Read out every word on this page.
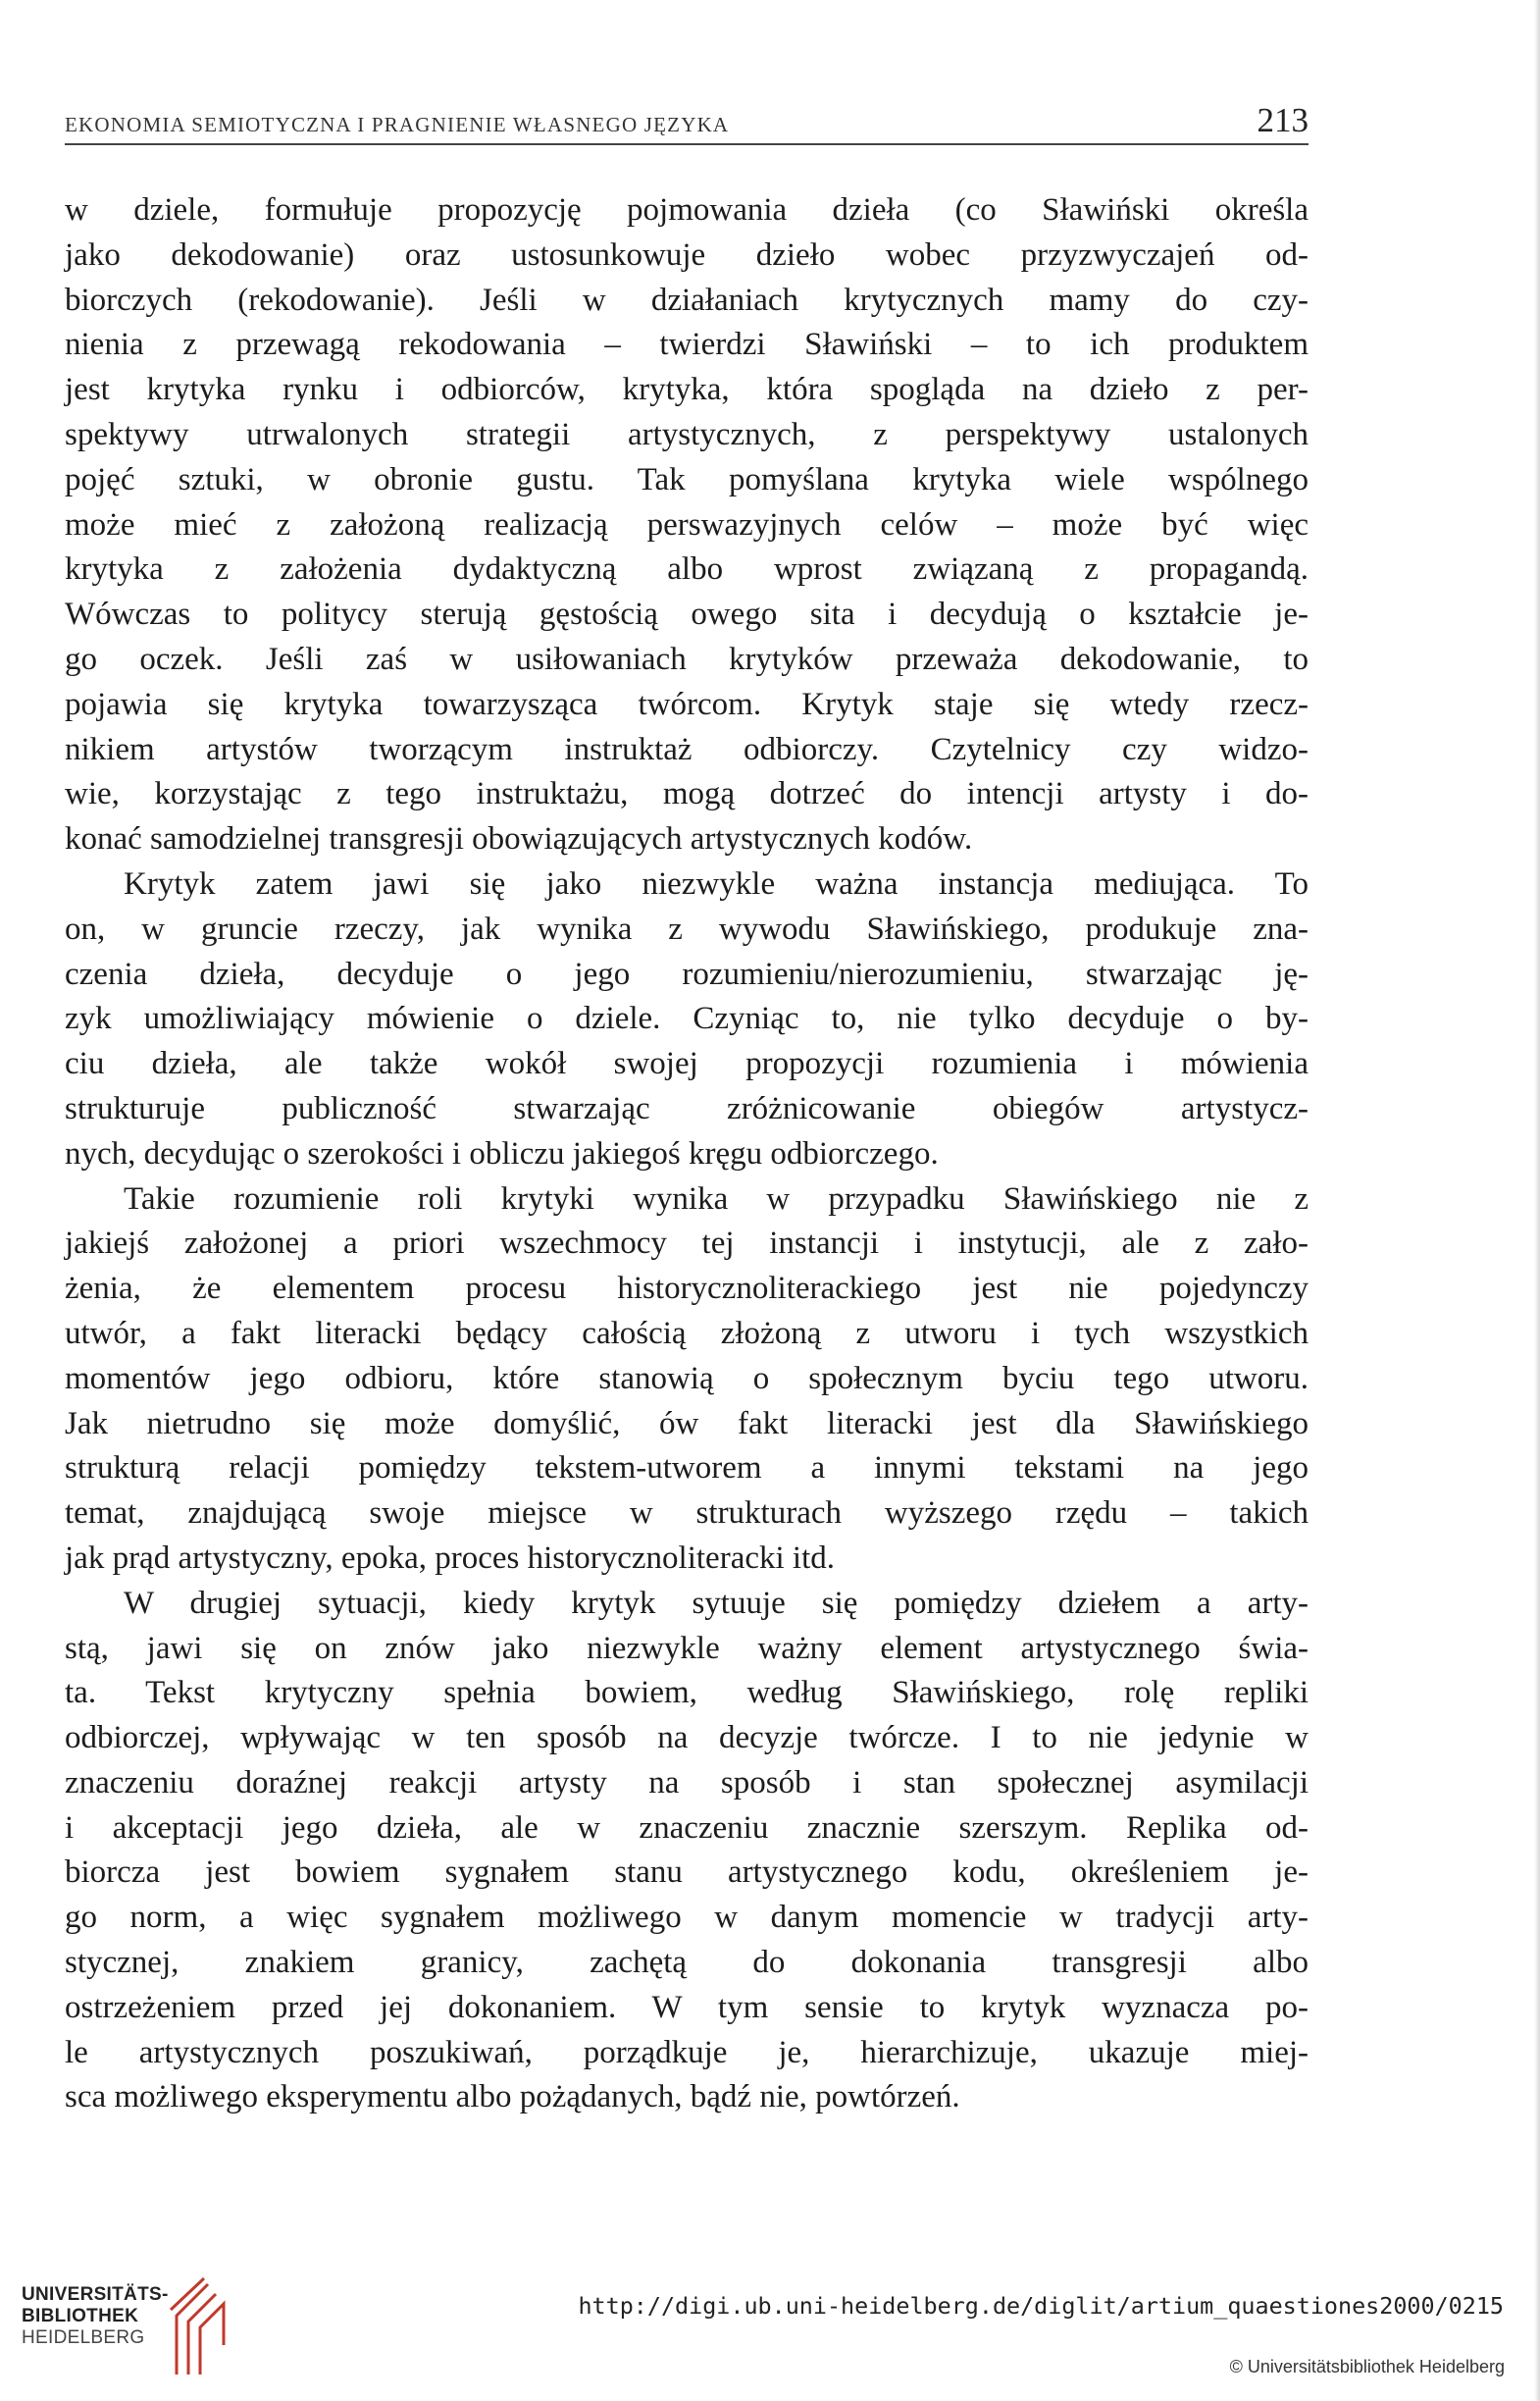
EKONOMIA SEMIOTYCZNA I PRAGNIENIE WŁASNEGO JĘZYKA	213
w dziele, formułuje propozycję pojmowania dzieła (co Sławiński określa
jako dekodowanie) oraz ustosunkowuje dzieło wobec przyzwyczajeń od-
biorczych (rekodowanie). Jeśli w działaniach krytycznych mamy do czy-
nienia z przewagą rekodowania – twierdzi Sławiński – to ich produktem
jest krytyka rynku i odbiorców, krytyka, która spogląda na dzieło z per-
spektywy utrwalonych strategii artystycznych, z perspektywy ustalonych
pojęć sztuki, w obronie gustu. Tak pomyślana krytyka wiele wspólnego
może mieć z założoną realizacją perswazyjnych celów – może być więc
krytyka z założenia dydaktyczną albo wprost związaną z propagandą.
Wówczas to politycy sterują gęstością owego sita i decydują o kształcie je-
go oczek. Jeśli zaś w usiłowaniach krytyków przeważa dekodowanie, to
pojawia się krytyka towarzysząca twórcom. Krytyk staje się wtedy rzecz-
nikiem artystów tworzącym instruktaż odbiorczy. Czytelnicy czy widzo-
wie, korzystając z tego instruktażu, mogą dotrzeć do intencji artysty i do-
konać samodzielnej transgresji obowiązujących artystycznych kodów.
Krytyk zatem jawi się jako niezwykle ważna instancja mediująca. To
on, w gruncie rzeczy, jak wynika z wywodu Sławińskiego, produkuje zna-
czenia dzieła, decyduje o jego rozumieniu/nierozumieniu, stwarzając ję-
zyk umożliwiający mówienie o dziele. Czyniąc to, nie tylko decyduje o by-
ciu dzieła, ale także wokół swojej propozycji rozumienia i mówienia
strukturuje publiczność stwarzając zróżnicowanie obiegów artystycz-
nych, decydując o szerokości i obliczu jakiegoś kręgu odbiorczego.
Takie rozumienie roli krytyki wynika w przypadku Sławińskiego nie z
jakiejś założonej a priori wszechmocy tej instancji i instytucji, ale z zało-
żenia, że elementem procesu historycznoliterackiego jest nie pojedynczy
utwór, a fakt literacki będący całością złożoną z utworu i tych wszystkich
momentów jego odbioru, które stanowią o społecznym byciu tego utworu.
Jak nietrudno się może domyślić, ów fakt literacki jest dla Sławińskiego
strukturą relacji pomiędzy tekstem-utworem a innymi tekstami na jego
temat, znajdującą swoje miejsce w strukturach wyższego rzędu – takich
jak prąd artystyczny, epoka, proces historycznoliteracki itd.
W drugiej sytuacji, kiedy krytyk sytuuje się pomiędzy dziełem a arty-
stą, jawi się on znów jako niezwykle ważny element artystycznego świa-
ta. Tekst krytyczny spełnia bowiem, według Sławińskiego, rolę repliki
odbiorczej, wpływając w ten sposób na decyzje twórcze. I to nie jedynie w
znaczeniu doraźnej reakcji artysty na sposób i stan społecznej asymilacji
i akceptacji jego dzieła, ale w znaczeniu znacznie szerszym. Replika od-
biorcza jest bowiem sygnałem stanu artystycznego kodu, określeniem je-
go norm, a więc sygnałem możliwego w danym momencie w tradycji arty-
stycznej, znakiem granicy, zachętą do dokonania transgresji albo
ostrzeżeniem przed jej dokonaniem. W tym sensie to krytyk wyznacza po-
le artystycznych poszukiwań, porządkuje je, hierarchizuje, ukazuje miej-
sca możliwego eksperymentu albo pożądanych, bądź nie, powtórzeń.
UNIVERSITÄTS-
BIBLIOTHEK
HEIDELBERG
http://digi.ub.uni-heidelberg.de/diglit/artium_quaestiones2000/0215
© Universitätsbibliothek Heidelberg
